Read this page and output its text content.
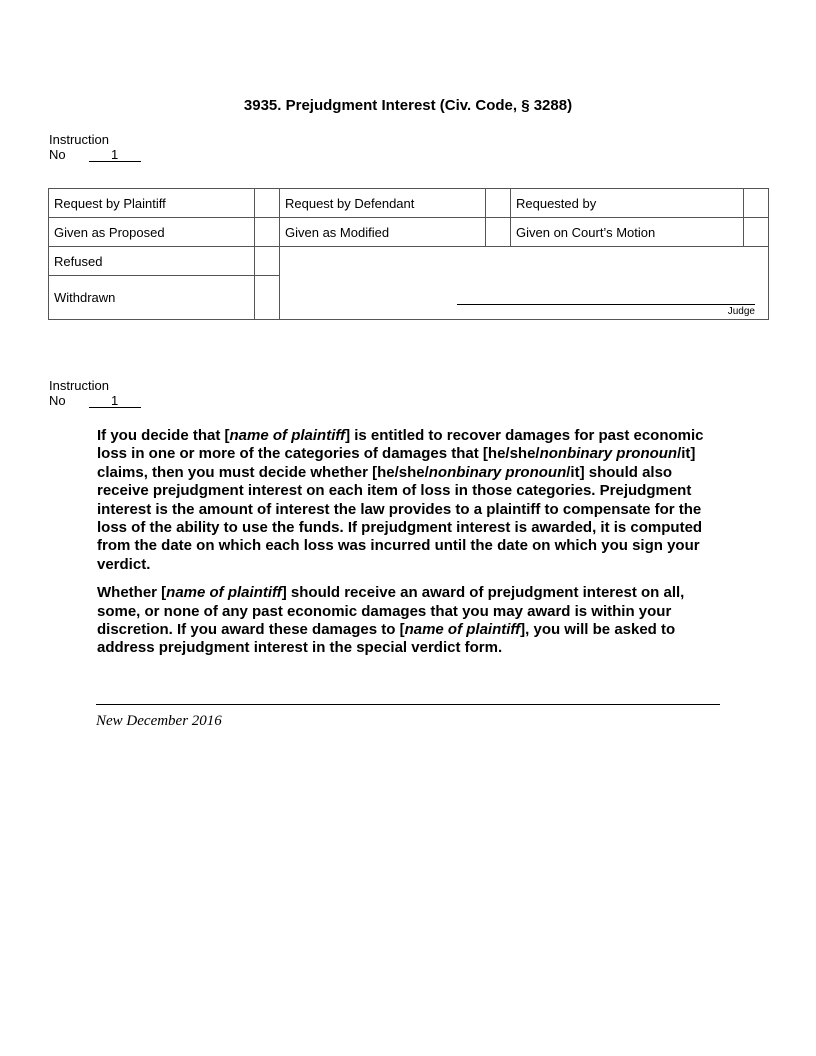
3935. Prejudgment Interest (Civ. Code, § 3288)
Instruction
No	1
Request by Plaintiff		Request by Defendant		Requested by	
Given as Proposed		Given as Modified		Given on Court’s Motion	
Refused		Judge			

Withdrawn					
Instruction
No	1

If you decide that [name of plaintiff] is entitled to recover damages for past economic loss in one or more of the categories of damages that [he/she/nonbinary pronoun/it] claims, then you must decide whether [he/she/nonbinary pronoun/it] should also receive prejudgment interest on each item of loss in those categories. Prejudgment interest is the amount of interest the law provides to a plaintiff to compensate for the loss of the ability to use the funds. If prejudgment interest is awarded, it is computed from the date on which each loss was incurred until the date on which you sign your verdict.

Whether [name of plaintiff] should receive an award of prejudgment interest on all, some, or none of any past economic damages that you may award is within your discretion. If you award these damages to [name of plaintiff], you will be asked to address prejudgment interest in the special verdict form.

New December 2016
